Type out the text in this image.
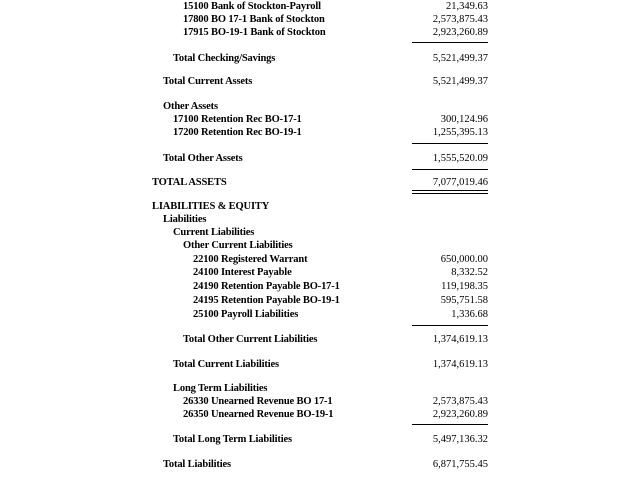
15100 Bank of Stockton-Payroll	21,349.63
17800 BO 17-1 Bank of Stockton	2,573,875.43
17915 BO-19-1 Bank of Stockton	2,923,260.89
Total Checking/Savings	5,521,499.37
Total Current Assets	5,521,499.37
Other Assets
17100 Retention Rec BO-17-1	300,124.96
17200 Retention Rec BO-19-1	1,255,395.13
Total Other Assets	1,555,520.09
TOTAL ASSETS	7,077,019.46
LIABILITIES & EQUITY
Liabilities
Current Liabilities
Other Current Liabilities
22100 Registered Warrant	650,000.00
24100 Interest Payable	8,332.52
24190 Retention Payable BO-17-1	119,198.35
24195 Retention Payable BO-19-1	595,751.58
25100 Payroll Liabilities	1,336.68
Total Other Current Liabilities	1,374,619.13
Total Current Liabilities	1,374,619.13
Long Term Liabilities
26330 Unearned Revenue BO 17-1	2,573,875.43
26350 Unearned Revenue BO-19-1	2,923,260.89
Total Long Term Liabilities	5,497,136.32
Total Liabilities	6,871,755.45
